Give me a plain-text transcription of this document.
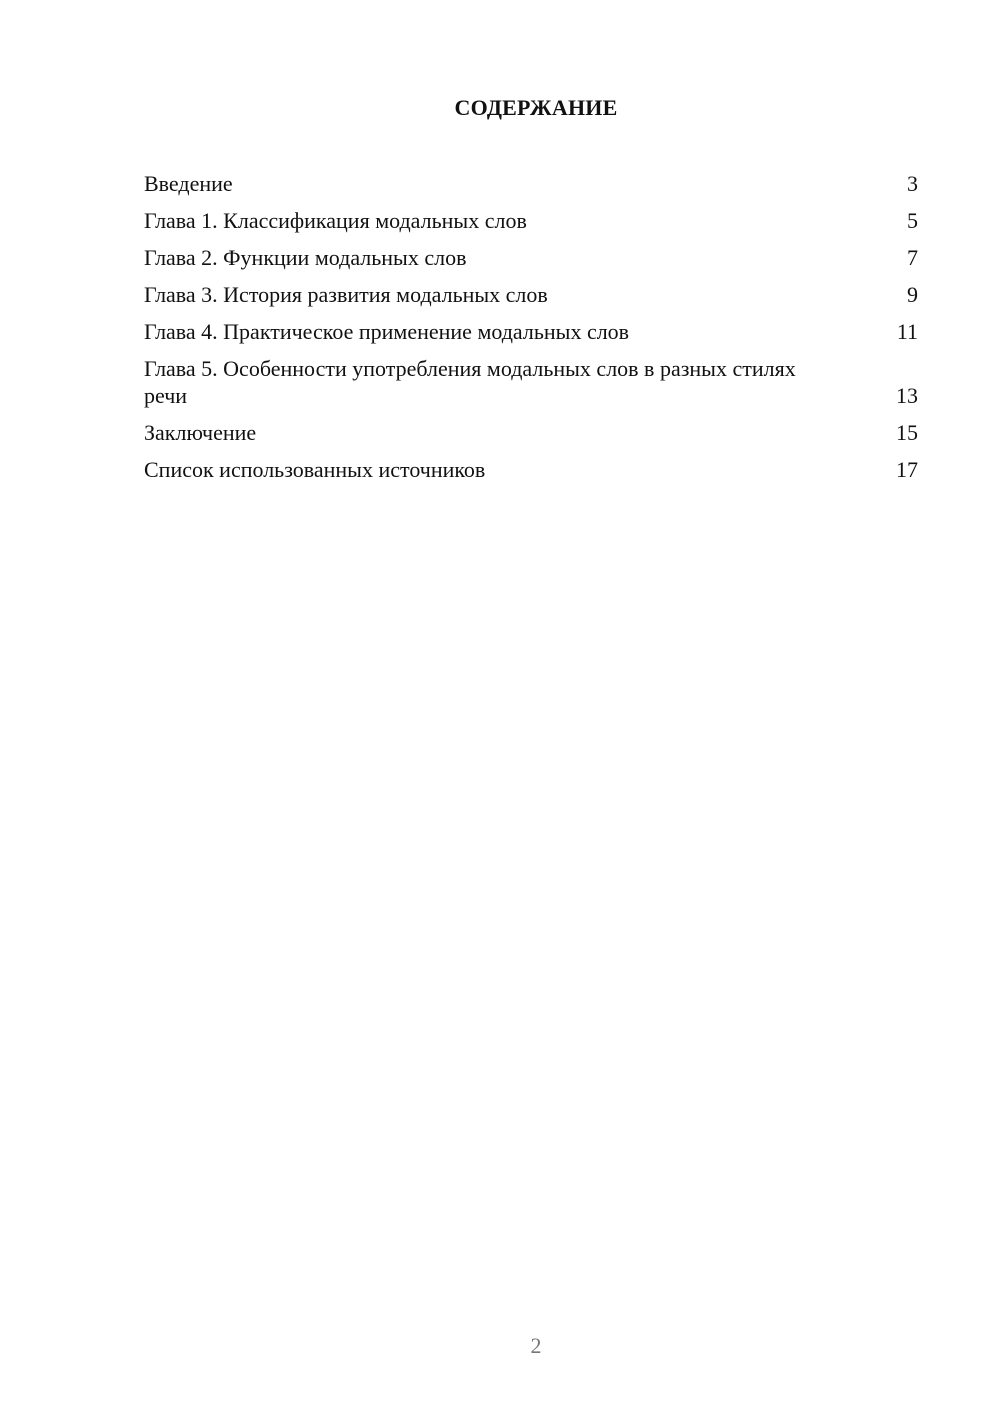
СОДЕРЖАНИЕ
Введение	3
Глава 1. Классификация модальных слов	5
Глава 2. Функции модальных слов	7
Глава 3. История развития модальных слов	9
Глава 4. Практическое применение модальных слов	11
Глава 5. Особенности употребления модальных слов в разных стилях речи	13
Заключение	15
Список использованных источников	17
2
